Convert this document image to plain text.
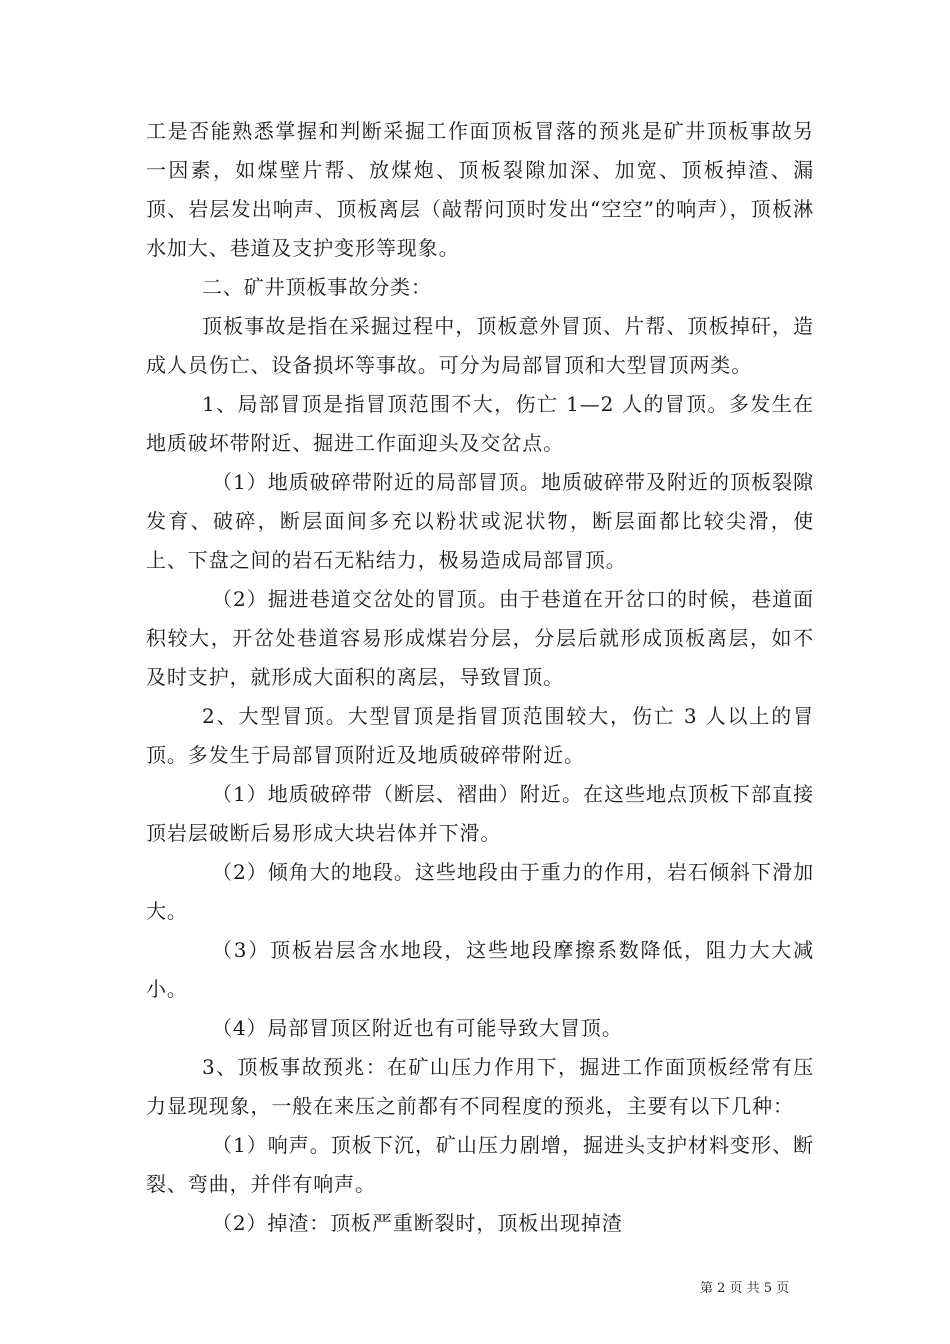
工是否能熟悉掌握和判断采掘工作面顶板冒落的预兆是矿井顶板事故另一因素，如煤壁片帮、放煤炮、顶板裂隙加深、加宽、顶板掉渣、漏顶、岩层发出响声、顶板离层（敲帮问顶时发出“空空”的响声），顶板淋水加大、巷道及支护变形等现象。

二、矿井顶板事故分类：

顶板事故是指在采掘过程中，顶板意外冒顶、片帮、顶板掉矸，造成人员伤亡、设备损坏等事故。可分为局部冒顶和大型冒顶两类。

1、局部冒顶是指冒顶范围不大，伤亡 1—2 人的冒顶。多发生在地质破坏带附近、掘进工作面迎头及交岔点。

（1）地质破碎带附近的局部冒顶。地质破碎带及附近的顶板裂隙发育、破碎，断层面间多充以粉状或泥状物，断层面都比较尖滑，使上、下盘之间的岩石无粘结力，极易造成局部冒顶。

（2）掘进巷道交岔处的冒顶。由于巷道在开岔口的时候，巷道面积较大，开岔处巷道容易形成煤岩分层，分层后就形成顶板离层，如不及时支护，就形成大面积的离层，导致冒顶。

2、大型冒顶。大型冒顶是指冒顶范围较大，伤亡 3 人以上的冒顶。多发生于局部冒顶附近及地质破碎带附近。

（1）地质破碎带（断层、褶曲）附近。在这些地点顶板下部直接顶岩层破断后易形成大块岩体并下滑。

（2）倾角大的地段。这些地段由于重力的作用，岩石倾斜下滑加大。

（3）顶板岩层含水地段，这些地段摩擦系数降低，阻力大大减小。

（4）局部冒顶区附近也有可能导致大冒顶。

3、顶板事故预兆：在矿山压力作用下，掘进工作面顶板经常有压力显现现象，一般在来压之前都有不同程度的预兆，主要有以下几种：

（1）响声。顶板下沉，矿山压力剧增，掘进头支护材料变形、断裂、弯曲，并伴有响声。

（2）掉渣：顶板严重断裂时，顶板出现掉渣

第 2 页 共 5 页
